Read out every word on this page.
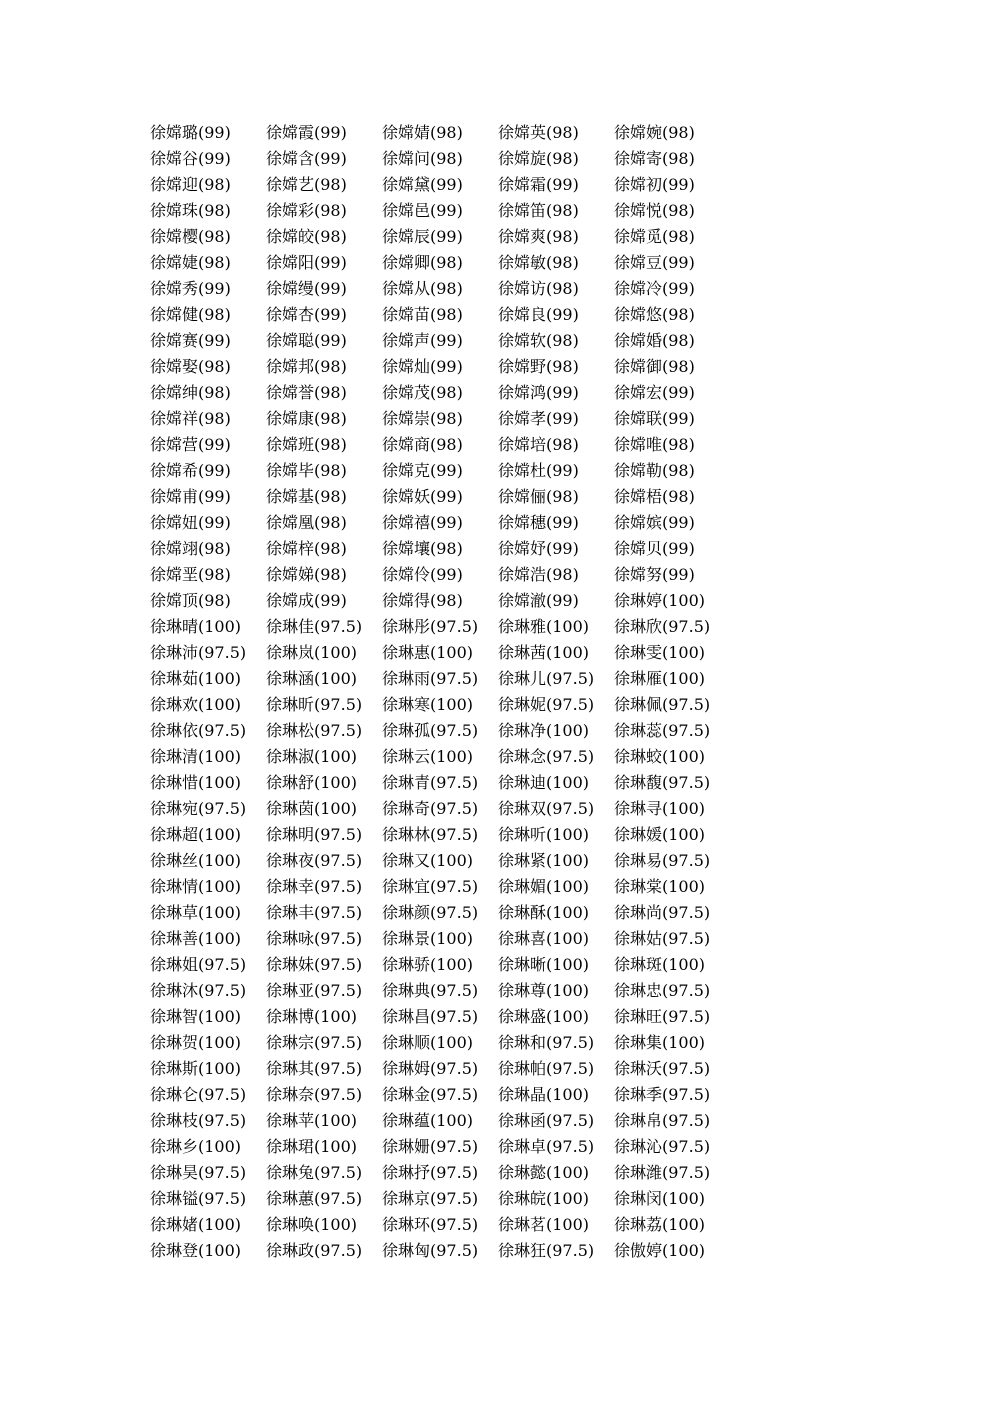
徐嫦璐(99) 徐嫦霞(99) 徐嫦婧(98) 徐嫦英(98) 徐嫦婉(98)
徐嫦谷(99) 徐嫦含(99) 徐嫦问(98) 徐嫦旋(98) 徐嫦寄(98)
徐嫦迎(98) 徐嫦艺(98) 徐嫦黛(99) 徐嫦霜(99) 徐嫦初(99)
徐嫦珠(98) 徐嫦彩(98) 徐嫦邑(99) 徐嫦笛(98) 徐嫦悦(98)
徐嫦樱(98) 徐嫦皎(98) 徐嫦辰(99) 徐嫦爽(98) 徐嫦觅(98)
徐嫦婕(98) 徐嫦阳(99) 徐嫦卿(98) 徐嫦敏(98) 徐嫦豆(99)
徐嫦秀(99) 徐嫦缦(99) 徐嫦从(98) 徐嫦访(98) 徐嫦冷(99)
徐嫦健(98) 徐嫦杏(99) 徐嫦苗(98) 徐嫦良(99) 徐嫦悠(98)
徐嫦赛(99) 徐嫦聪(99) 徐嫦声(99) 徐嫦软(98) 徐嫦婚(98)
徐嫦娶(98) 徐嫦邦(98) 徐嫦灿(99) 徐嫦野(98) 徐嫦御(98)
徐嫦绅(98) 徐嫦誉(98) 徐嫦茂(98) 徐嫦鸿(99) 徐嫦宏(99)
徐嫦祥(98) 徐嫦康(98) 徐嫦崇(98) 徐嫦孝(99) 徐嫦联(99)
徐嫦营(99) 徐嫦班(98) 徐嫦商(98) 徐嫦培(98) 徐嫦唯(98)
徐嫦希(99) 徐嫦毕(98) 徐嫦克(99) 徐嫦杜(99) 徐嫦勒(98)
徐嫦甫(99) 徐嫦基(98) 徐嫦妖(99) 徐嫦俪(98) 徐嫦梧(98)
徐嫦妞(99) 徐嫦凰(98) 徐嫦禧(99) 徐嫦穗(99) 徐嫦嫔(99)
徐嫦翊(98) 徐嫦梓(98) 徐嫦壤(98) 徐嫦妤(99) 徐嫦贝(99)
徐嫦垩(98) 徐嫦娣(98) 徐嫦伶(99) 徐嫦浩(98) 徐嫦努(99)
徐嫦顶(98) 徐嫦成(99) 徐嫦得(98) 徐嫦澈(99) 徐琳婷(100)
徐琳晴(100) 徐琳佳(97.5) 徐琳彤(97.5) 徐琳雅(100) 徐琳欣(97.5)
徐琳沛(97.5) 徐琳岚(100) 徐琳惠(100) 徐琳茜(100) 徐琳雯(100)
徐琳茹(100) 徐琳涵(100) 徐琳雨(97.5) 徐琳儿(97.5) 徐琳雁(100)
徐琳欢(100) 徐琳昕(97.5) 徐琳寒(100) 徐琳妮(97.5) 徐琳佩(97.5)
徐琳依(97.5) 徐琳松(97.5) 徐琳孤(97.5) 徐琳净(100) 徐琳蕊(97.5)
徐琳清(100) 徐琳淑(100) 徐琳云(100) 徐琳念(97.5) 徐琳蛟(100)
徐琳惜(100) 徐琳舒(100) 徐琳青(97.5) 徐琳迪(100) 徐琳馥(97.5)
徐琳宛(97.5) 徐琳茵(100) 徐琳奇(97.5) 徐琳双(97.5) 徐琳寻(100)
徐琳超(100) 徐琳明(97.5) 徐琳林(97.5) 徐琳听(100) 徐琳媛(100)
徐琳丝(100) 徐琳夜(97.5) 徐琳又(100) 徐琳紧(100) 徐琳易(97.5)
徐琳情(100) 徐琳幸(97.5) 徐琳宜(97.5) 徐琳媚(100) 徐琳棠(100)
徐琳草(100) 徐琳丰(97.5) 徐琳颜(97.5) 徐琳酥(100) 徐琳尚(97.5)
徐琳善(100) 徐琳咏(97.5) 徐琳景(100) 徐琳喜(100) 徐琳姑(97.5)
徐琳姐(97.5) 徐琳妹(97.5) 徐琳骄(100) 徐琳晰(100) 徐琳斑(100)
徐琳沐(97.5) 徐琳亚(97.5) 徐琳典(97.5) 徐琳尊(100) 徐琳忠(97.5)
徐琳智(100) 徐琳博(100) 徐琳昌(97.5) 徐琳盛(100) 徐琳旺(97.5)
徐琳贺(100) 徐琳宗(97.5) 徐琳顺(100) 徐琳和(97.5) 徐琳集(100)
徐琳斯(100) 徐琳其(97.5) 徐琳姆(97.5) 徐琳帕(97.5) 徐琳沃(97.5)
徐琳仑(97.5) 徐琳奈(97.5) 徐琳金(97.5) 徐琳晶(100) 徐琳季(97.5)
徐琳枝(97.5) 徐琳苹(100) 徐琳蕴(100) 徐琳函(97.5) 徐琳帛(97.5)
徐琳乡(100) 徐琳珺(100) 徐琳姗(97.5) 徐琳卓(97.5) 徐琳沁(97.5)
徐琳昊(97.5) 徐琳兔(97.5) 徐琳抒(97.5) 徐琳懿(100) 徐琳潍(97.5)
徐琳镒(97.5) 徐琳蕙(97.5) 徐琳京(97.5) 徐琳皖(100) 徐琳闵(100)
徐琳媎(100) 徐琳唤(100) 徐琳环(97.5) 徐琳茗(100) 徐琳荔(100)
徐琳登(100) 徐琳政(97.5) 徐琳匈(97.5) 徐琳狂(97.5) 徐傲婷(100)
